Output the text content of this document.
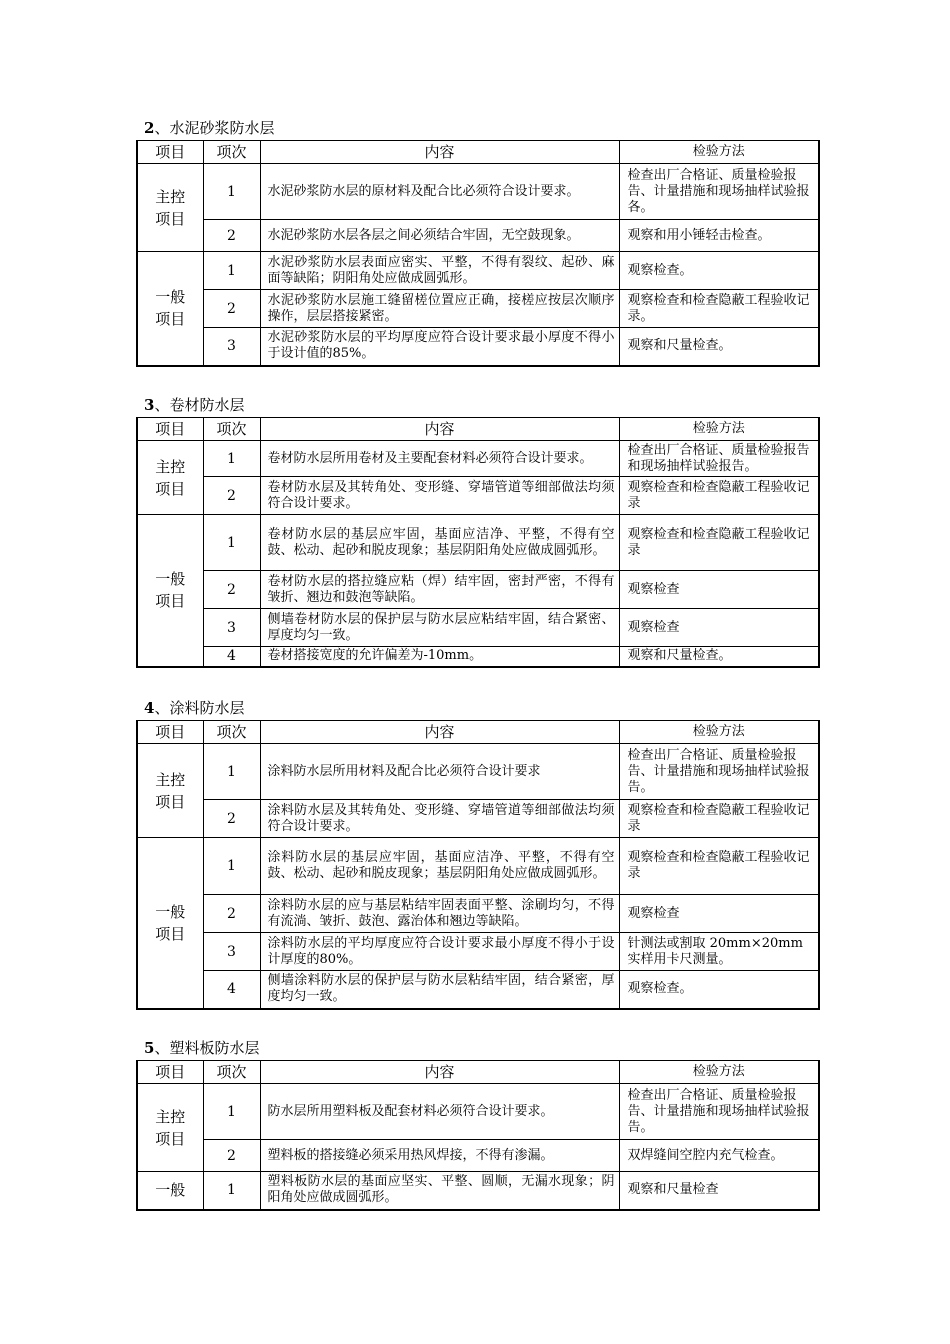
2、水泥砂浆防水层
项目	项次	内容	检验方法

主控
项目	1	水泥砂浆防水层的原材料及配合比必须符合设计要求。	检查出厂合格证、质量检验报告、计量措施和现场抽样试验报各。
	2	水泥砂浆防水层各层之间必须结合牢固，无空鼓现象。	观察和用小锤轻击检查。

一般
项目	1	水泥砂浆防水层表面应密实、平整，不得有裂纹、起砂、麻面等缺陷；阴阳角处应做成圆弧形。	观察检查。
	2	水泥砂浆防水层施工缝留槎位置应正确，接槎应按层次顺序操作，层层搭接紧密。	观察检查和检查隐蔽工程验收记录。
	3	水泥砂浆防水层的平均厚度应符合设计要求最小厚度不得小于设计值的85%。	观察和尺量检查。
3、卷材防水层
项目	项次	内容	检验方法

主控
项目	1	卷材防水层所用卷材及主要配套材料必须符合设计要求。	检查出厂合格证、质量检验报告和现场抽样试验报告。
	2	卷材防水层及其转角处、变形缝、穿墙管道等细部做法均须符合设计要求。	观察检查和检查隐蔽工程验收记录

一般
项目	1	卷材防水层的基层应牢固，基面应洁净、平整，不得有空鼓、松动、起砂和脱皮现象；基层阴阳角处应做成圆弧形。	观察检查和检查隐蔽工程验收记录
	2	卷材防水层的搭拉缝应粘（焊）结牢固，密封严密，不得有皱折、翘边和鼓泡等缺陷。	观察检查
	3	侧墙卷材防水层的保护层与防水层应粘结牢固，结合紧密、厚度均匀一致。	观察检查
	4	卷材搭接宽度的允许偏差为-10mm。	观察和尺量检查。
4、涂料防水层
项目	项次	内容	检验方法

主控
项目	1	涂料防水层所用材料及配合比必须符合设计要求	检查出厂合格证、质量检验报告、计量措施和现场抽样试验报告。
	2	涂料防水层及其转角处、变形缝、穿墙管道等细部做法均须符合设计要求。	观察检查和检查隐蔽工程验收记录

一般
项目	1	涂料防水层的基层应牢固，基面应洁净、平整，不得有空鼓、松动、起砂和脱皮现象；基层阴阳角处应做成圆弧形。	观察检查和检查隐蔽工程验收记录
	2	涂料防水层的应与基层粘结牢固表面平整、涂刷均匀，不得有流淌、皱折、鼓泡、露治体和翘边等缺陷。	观察检查
	3	涂料防水层的平均厚度应符合设计要求最小厚度不得小于设计厚度的80%。	针测法或割取 20mm×20mm 实样用卡尺测量。
	4	侧墙涂料防水层的保护层与防水层粘结牢固，结合紧密，厚度均匀一致。	观察检查。
5、塑料板防水层
项目	项次	内容	检验方法

主控
项目	1	防水层所用塑料板及配套材料必须符合设计要求。	检查出厂合格证、质量检验报告、计量措施和现场抽样试验报告。
	2	塑料板的搭接缝必须采用热风焊接，不得有渗漏。	双焊缝间空腔内充气检查。
一般	1	塑料板防水层的基面应坚实、平整、圆顺，无漏水现象；阴阳角处应做成圆弧形。	观察和尺量检查
